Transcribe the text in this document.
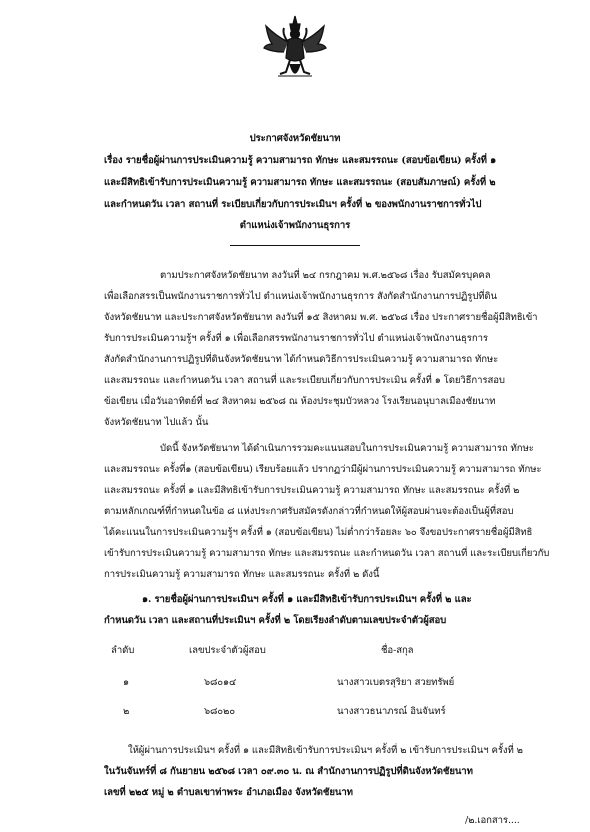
ประกาศจังหวัดชัยนาท
เรื่อง รายชื่อผู้ผ่านการประเมินความรู้ ความสามารถ ทักษะ และสมรรถนะ (สอบข้อเขียน) ครั้งที่ ๑
และมีสิทธิเข้ารับการประเมินความรู้ ความสามารถ ทักษะ และสมรรถนะ (สอบสัมภาษณ์) ครั้งที่ ๒
และกำหนดวัน เวลา สถานที่ ระเบียบเกี่ยวกับการประเมินฯ ครั้งที่ ๒ ของพนักงานราชการทั่วไป
ตำแหน่งเจ้าพนักงานธุรการ
ตามประกาศจังหวัดชัยนาท ลงวันที่ ๒๔ กรกฎาคม พ.ศ.๒๕๖๘ เรื่อง รับสมัครบุคคล
เพื่อเลือกสรรเป็นพนักงานราชการทั่วไป ตำแหน่งเจ้าพนักงานธุรการ สังกัดสำนักงานการปฏิรูปที่ดิน
จังหวัดชัยนาท และประกาศจังหวัดชัยนาท ลงวันที่ ๑๕ สิงหาคม พ.ศ. ๒๕๖๘ เรื่อง ประกาศรายชื่อผู้มีสิทธิเข้า
รับการประเมินความรู้ฯ ครั้งที่ ๑ เพื่อเลือกสรรพนักงานราชการทั่วไป ตำแหน่งเจ้าพนักงานธุรการ
สังกัดสำนักงานการปฏิรูปที่ดินจังหวัดชัยนาท ได้กำหนดวิธีการประเมินความรู้ ความสามารถ ทักษะ
และสมรรถนะ และกำหนดวัน เวลา สถานที่ และระเบียบเกี่ยวกับการประเมิน ครั้งที่ ๑ โดยวิธีการสอบ
ข้อเขียน เมื่อวันอาทิตย์ที่ ๒๔ สิงหาคม ๒๕๖๘ ณ ห้องประชุมบัวหลวง โรงเรียนอนุบาลเมืองชัยนาท
จังหวัดชัยนาท ไปแล้ว นั้น
บัดนี้ จังหวัดชัยนาท ได้ดำเนินการรวมคะแนนสอบในการประเมินความรู้ ความสามารถ ทักษะ
และสมรรถนะ ครั้งที่๑ (สอบข้อเขียน) เรียบร้อยแล้ว ปรากฏว่ามีผู้ผ่านการประเมินความรู้ ความสามารถ ทักษะ
และสมรรถนะ ครั้งที่ ๑ และมีสิทธิเข้ารับการประเมินความรู้ ความสามารถ ทักษะ และสมรรถนะ ครั้งที่ ๒
ตามหลักเกณฑ์ที่กำหนดในข้อ ๘ แห่งประกาศรับสมัครดังกล่าวที่กำหนดให้ผู้สอบผ่านจะต้องเป็นผู้ที่สอบ
ได้คะแนนในการประเมินความรู้ฯ ครั้งที่ ๑ (สอบข้อเขียน) ไม่ต่ำกว่าร้อยละ ๖๐ จึงขอประกาศรายชื่อผู้มีสิทธิ
เข้ารับการประเมินความรู้ ความสามารถ ทักษะ และสมรรถนะ และกำหนดวัน เวลา สถานที่ และระเบียบเกี่ยวกับ
การประเมินความรู้ ความสามารถ ทักษะ และสมรรถนะ ครั้งที่ ๒ ดังนี้
๑. รายชื่อผู้ผ่านการประเมินฯ ครั้งที่ ๑ และมีสิทธิเข้ารับการประเมินฯ ครั้งที่ ๒ และ
กำหนดวัน เวลา และสถานที่ประเมินฯ ครั้งที่ ๒ โดยเรียงลำดับตามเลขประจำตัวผู้สอบ
ลำดับ	เลขประจำตัวผู้สอบ	ชื่อ-สกุล
๑	๖๘๐๑๔	นางสาวเบตรสุริยา สวยทรัพย์
๒	๖๘๐๒๐	นางสาวธนาภรณ์ อินจันทร์
ให้ผู้ผ่านการประเมินฯ ครั้งที่ ๑ และมีสิทธิเข้ารับการประเมินฯ ครั้งที่ ๒ เข้ารับการประเมินฯ ครั้งที่ ๒
ในวันจันทร์ที่ ๘ กันยายน ๒๕๖๘ เวลา ๐๙.๓๐ น. ณ สำนักงานการปฏิรูปที่ดินจังหวัดชัยนาท
เลขที่ ๒๒๕ หมู่ ๒ ตำบลเขาท่าพระ อำเภอเมือง จังหวัดชัยนาท
/๒.เอกสาร....
